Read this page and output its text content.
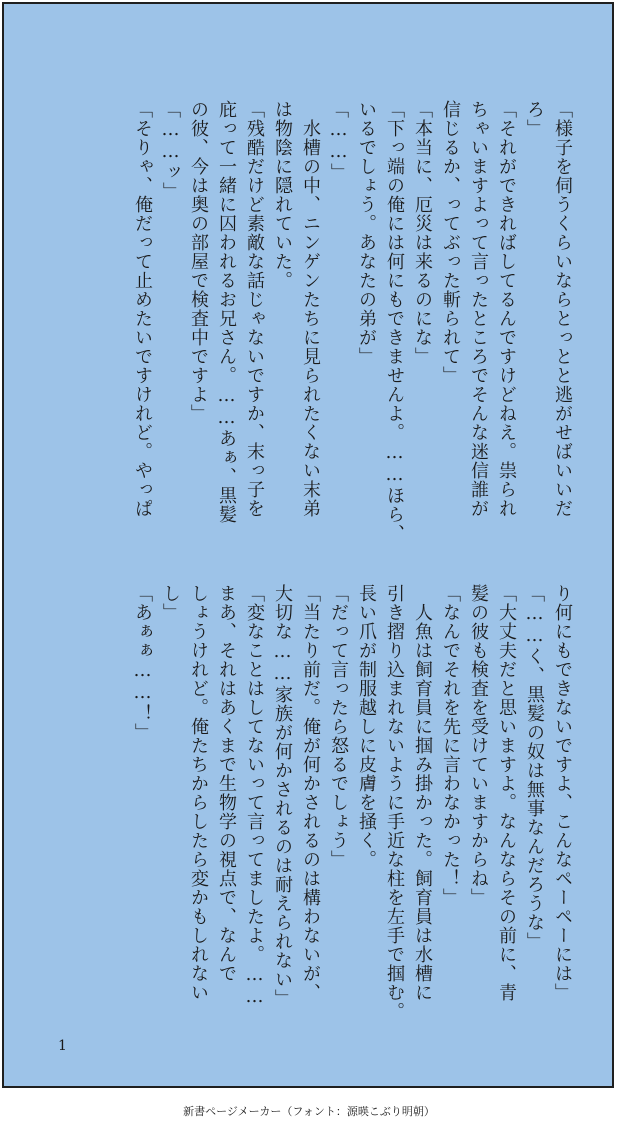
「様子を伺うくらいならとっとと逃がせばいいだ
ろ」
「それができればしてるんですけどねえ。祟られ
ちゃいますよって言ったところでそんな迷信誰が
信じるか、ってぶった斬られて」
「本当に、厄災は来るのにな」
「下っ端の俺には何にもできませんよ。……ほら、
いるでしょう。あなたの弟が」
「……」
　水槽の中、ニンゲンたちに見られたくない末弟
は物陰に隠れていた。
「残酷だけど素敵な話じゃないですか、末っ子を
庇って一緒に囚われるお兄さん。……あぁ、黒髪
の彼、今は奥の部屋で検査中ですよ」
「……ッ」
「そりゃ、俺だって止めたいですけれど。やっぱ
り何にもできないですよ、こんなペーペーには」
「……く、黒髪の奴は無事なんだろうな」
「大丈夫だと思いますよ。なんならその前に、青
髪の彼も検査を受けていますからね」
「なんでそれを先に言わなかった！」
　人魚は飼育員に掴み掛かった。飼育員は水槽に
引き摺り込まれないように手近な柱を左手で掴む。
長い爪が制服越しに皮膚を掻く。
「だって言ったら怒るでしょう」
「当たり前だ。俺が何かされるのは構わないが、
大切な……家族が何かされるのは耐えられない」
「変なことはしてないって言ってましたよ。……
まあ、それはあくまで生物学の視点で、なんで
しょうけれど。俺たちからしたら変かもしれない
し」
「あぁぁ……！」
1
新書ページメーカー（フォント：源暎こぶり明朝）
